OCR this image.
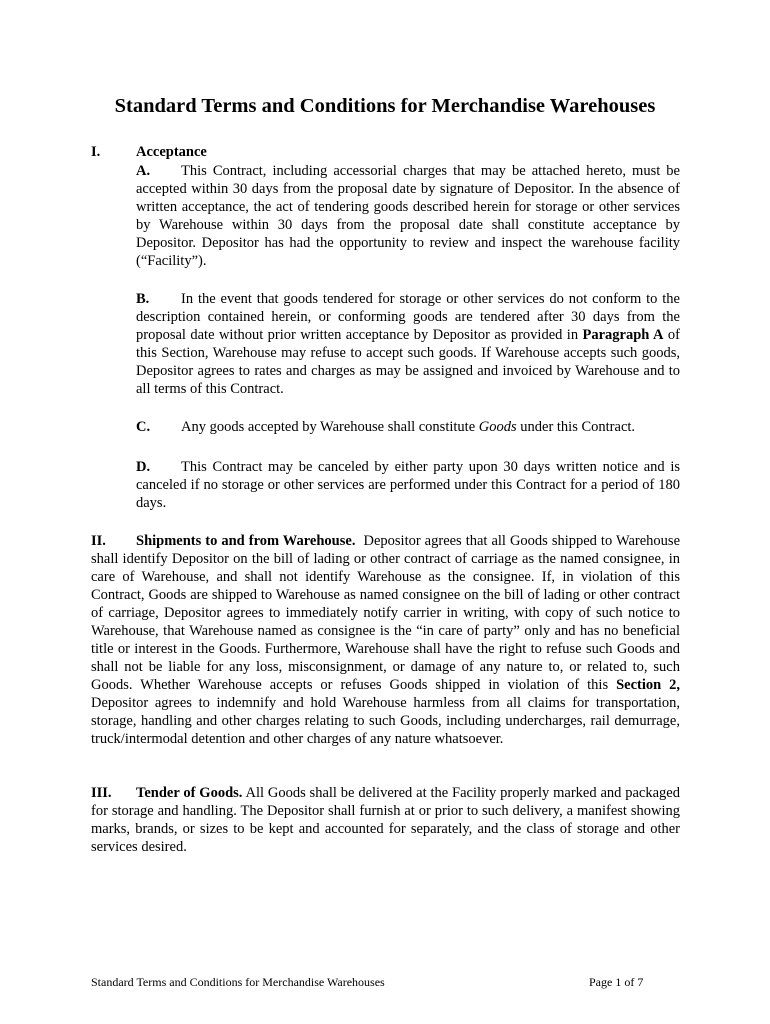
Standard Terms and Conditions for Merchandise Warehouses
I. Acceptance

A. This Contract, including accessorial charges that may be attached hereto, must be accepted within 30 days from the proposal date by signature of Depositor. In the absence of written acceptance, the act of tendering goods described herein for storage or other services by Warehouse within 30 days from the proposal date shall constitute acceptance by Depositor. Depositor has had the opportunity to review and inspect the warehouse facility (“Facility”).

B. In the event that goods tendered for storage or other services do not conform to the description contained herein, or conforming goods are tendered after 30 days from the proposal date without prior written acceptance by Depositor as provided in Paragraph A of this Section, Warehouse may refuse to accept such goods. If Warehouse accepts such goods, Depositor agrees to rates and charges as may be assigned and invoiced by Warehouse and to all terms of this Contract.

C. Any goods accepted by Warehouse shall constitute Goods under this Contract.

D. This Contract may be canceled by either party upon 30 days written notice and is canceled if no storage or other services are performed under this Contract for a period of 180 days.

II. Shipments to and from Warehouse. Depositor agrees that all Goods shipped to Warehouse shall identify Depositor on the bill of lading or other contract of carriage as the named consignee, in care of Warehouse, and shall not identify Warehouse as the consignee. If, in violation of this Contract, Goods are shipped to Warehouse as named consignee on the bill of lading or other contract of carriage, Depositor agrees to immediately notify carrier in writing, with copy of such notice to Warehouse, that Warehouse named as consignee is the “in care of party” only and has no beneficial title or interest in the Goods. Furthermore, Warehouse shall have the right to refuse such Goods and shall not be liable for any loss, misconsignment, or damage of any nature to, or related to, such Goods. Whether Warehouse accepts or refuses Goods shipped in violation of this Section 2, Depositor agrees to indemnify and hold Warehouse harmless from all claims for transportation, storage, handling and other charges relating to such Goods, including undercharges, rail demurrage, truck/intermodal detention and other charges of any nature whatsoever.

III. Tender of Goods. All Goods shall be delivered at the Facility properly marked and packaged for storage and handling. The Depositor shall furnish at or prior to such delivery, a manifest showing marks, brands, or sizes to be kept and accounted for separately, and the class of storage and other services desired.

Standard Terms and Conditions for Merchandise Warehouses	Page 1 of 7
